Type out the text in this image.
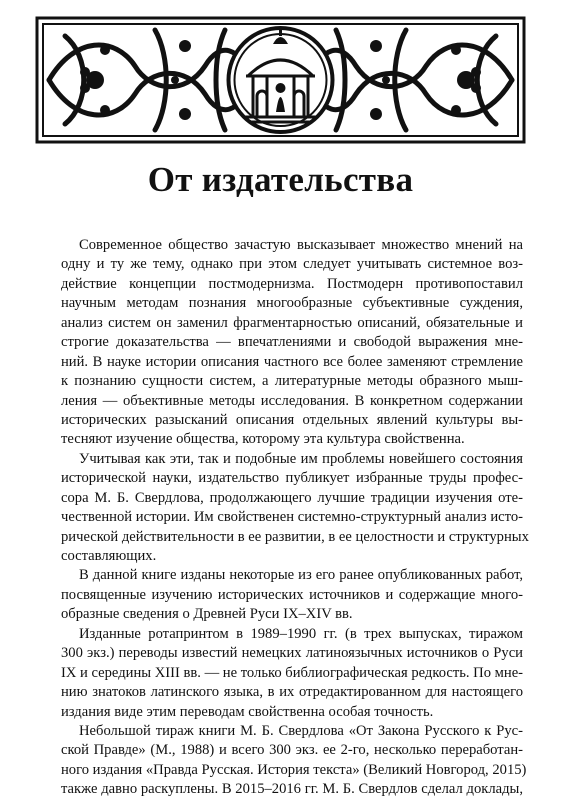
От издательства
Современное общество зачастую высказывает множество мнений на
одну и ту же тему, однако при этом следует учитывать системное воз-
действие концепции постмодернизма. Постмодерн противопоставил
научным методам познания многообразные субъективные суждения,
анализ систем он заменил фрагментарностью описаний, обязательные и
строгие доказательства — впечатлениями и свободой выражения мне-
ний. В науке истории описания частного все более заменяют стремление
к познанию сущности систем, а литературные методы образного мыш-
ления — объективные методы исследования. В конкретном содержании
исторических разысканий описания отдельных явлений культуры вы-
тесняют изучение общества, которому эта культура свойственна.
Учитывая как эти, так и подобные им проблемы новейшего состояния
исторической науки, издательство публикует избранные труды профес-
сора М. Б. Свердлова, продолжающего лучшие традиции изучения оте-
чественной истории. Им свойственен системно-структурный анализ исто-
рической действительности в ее развитии, в ее целостности и структурных
составляющих.
В данной книге изданы некоторые из его ранее опубликованных работ,
посвященные изучению исторических источников и содержащие много-
образные сведения о Древней Руси IX–XIV вв.
Изданные ротапринтом в 1989–1990 гг. (в трех выпусках, тиражом
300 экз.) переводы известий немецких латиноязычных источников о Руси
IX и середины XIII вв. — не только библиографическая редкость. По мне-
нию знатоков латинского языка, в их отредактированном для настоящего
издания виде этим переводам свойственна особая точность.
Небольшой тираж книги М. Б. Свердлова «От Закона Русского к Рус-
ской Правде» (М., 1988) и всего 300 экз. ее 2-го, несколько переработан-
ного издания «Правда Русская. История текста» (Великий Новгород, 2015)
также давно раскуплены. В 2015–2016 гг. М. Б. Свердлов сделал доклады,
